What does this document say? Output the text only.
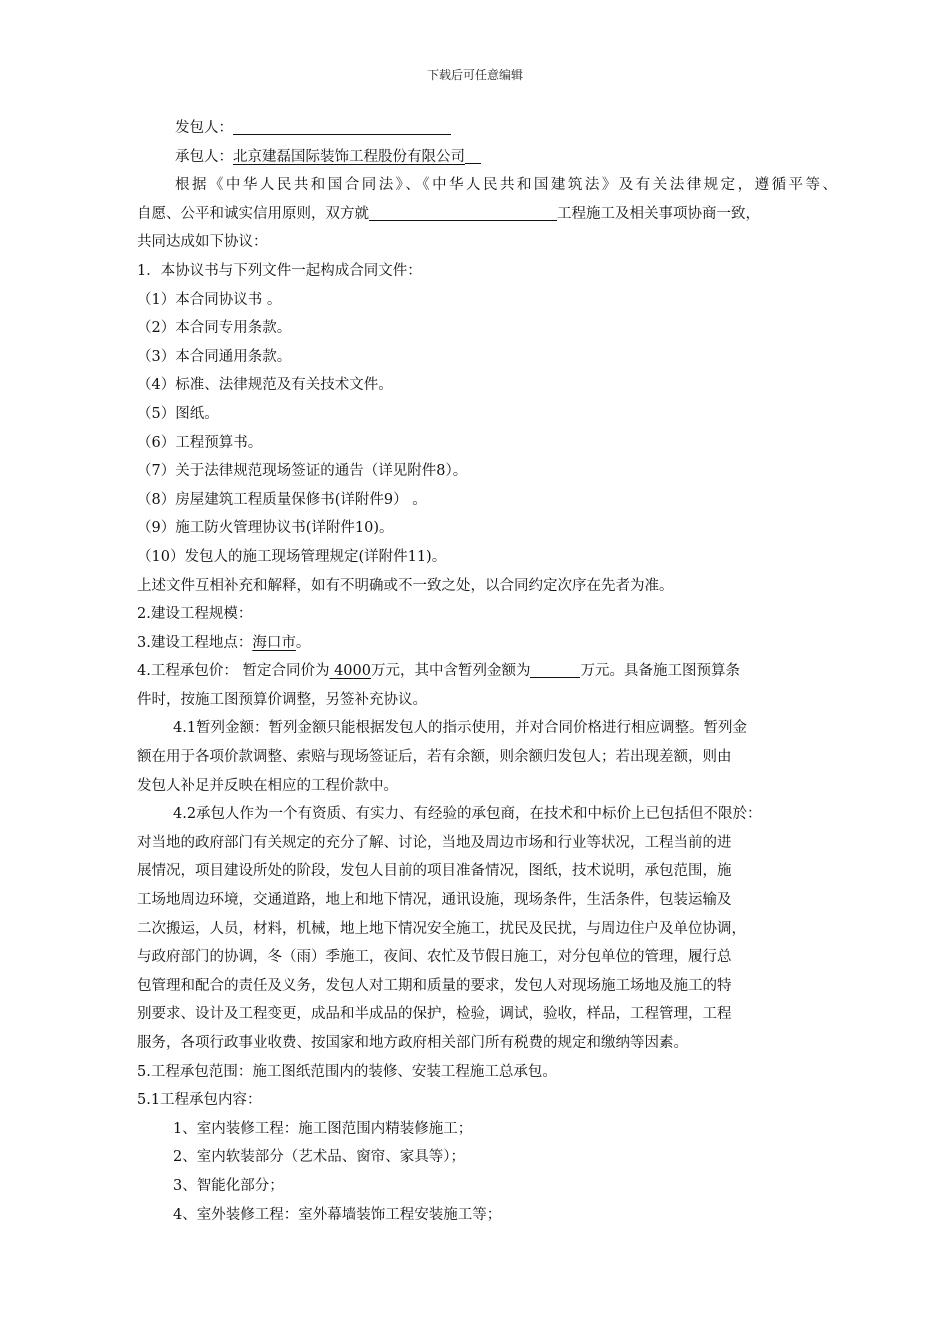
下载后可任意编辑
发包人：
承包人：北京建磊国际装饰工程股份有限公司
根据《中华人民共和国合同法》、《中华人民共和国建筑法》及有关法律规定，遵循平等、
自愿、公平和诚实信用原则，双方就	工程施工及相关事项协商一致，
共同达成如下协议：
1．本协议书与下列文件一起构成合同文件：
（1）本合同协议书 。
（2）本合同专用条款。
（3）本合同通用条款。
（4）标准、法律规范及有关技术文件。
（5）图纸。
（6）工程预算书。
（7）关于法律规范现场签证的通告（详见附件8）。
（8）房屋建筑工程质量保修书(详附件9） 。
（9）施工防火管理协议书(详附件10)。
（10）发包人的施工现场管理规定(详附件11)。
上述文件互相补充和解释，如有不明确或不一致之处，以合同约定次序在先者为准。
2.建设工程规模：
3.建设工程地点：海口市。
4.工程承包价： 暂定合同价为 4000万元，其中含暂列金额为	万元。具备施工图预算条
件时，按施工图预算价调整，另签补充协议。
4.1暂列金额：暂列金额只能根据发包人的指示使用，并对合同价格进行相应调整。暂列金
额在用于各项价款调整、索赔与现场签证后，若有余额，则余额归发包人；若出现差额，则由
发包人补足并反映在相应的工程价款中。
4.2承包人作为一个有资质、有实力、有经验的承包商，在技术和中标价上已包括但不限於：
对当地的政府部门有关规定的充分了解、讨论，当地及周边市场和行业等状况，工程当前的进
展情况，项目建设所处的阶段，发包人目前的项目准备情况，图纸，技术说明，承包范围，施
工场地周边环境，交通道路，地上和地下情况，通讯设施，现场条件，生活条件，包装运输及
二次搬运，人员，材料，机械，地上地下情况安全施工，扰民及民扰，与周边住户及单位协调，
与政府部门的协调，冬（雨）季施工，夜间、农忙及节假日施工，对分包单位的管理，履行总
包管理和配合的责任及义务，发包人对工期和质量的要求，发包人对现场施工场地及施工的特
别要求、设计及工程变更，成品和半成品的保护，检验，调试，验收，样品，工程管理，工程
服务，各项行政事业收费、按国家和地方政府相关部门所有税费的规定和缴纳等因素。
5.工程承包范围：施工图纸范围内的装修、安装工程施工总承包。
5.1工程承包内容：
1、室内装修工程：施工图范围内精装修施工；
2、室内软装部分（艺术品、窗帘、家具等）；
3、智能化部分；
4、室外装修工程：室外幕墙装饰工程安装施工等；
